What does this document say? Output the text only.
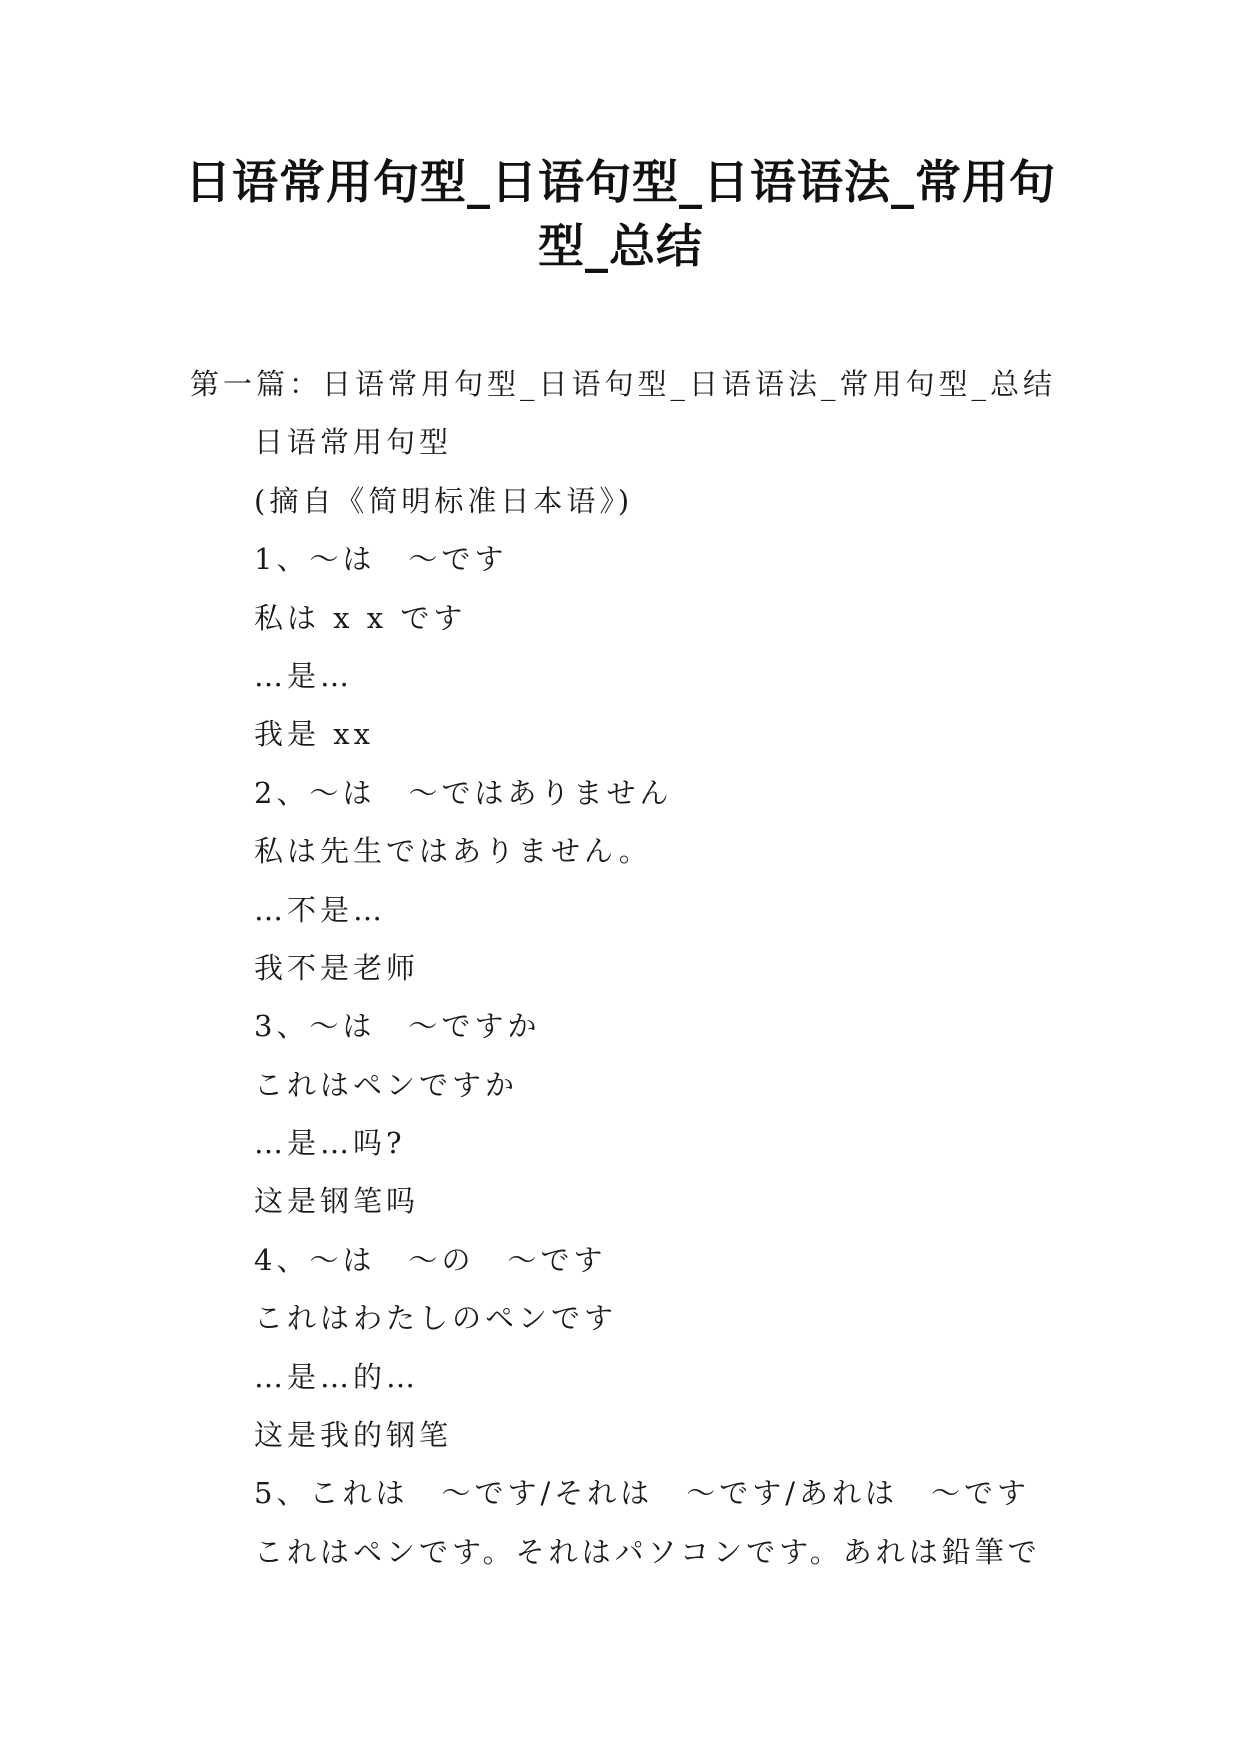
日语常用句型_日语句型_日语语法_常用句
型_总结
第一篇：日语常用句型_日语句型_日语语法_常用句型_总结
日语常用句型
(摘自《简明标准日本语》)
1、～は　～です
私は x x です
…是…
我是 xx
2、～は　～ではありません
私は先生ではありません。
…不是…
我不是老师
3、～は　～ですか
これはペンですか
…是…吗?
这是钢笔吗
4、～は　～の　～です
これはわたしのペンです
…是…的…
这是我的钢笔
5、これは　～です/それは　～です/あれは　～です
これはペンです。それはパソコンです。あれは鉛筆で
